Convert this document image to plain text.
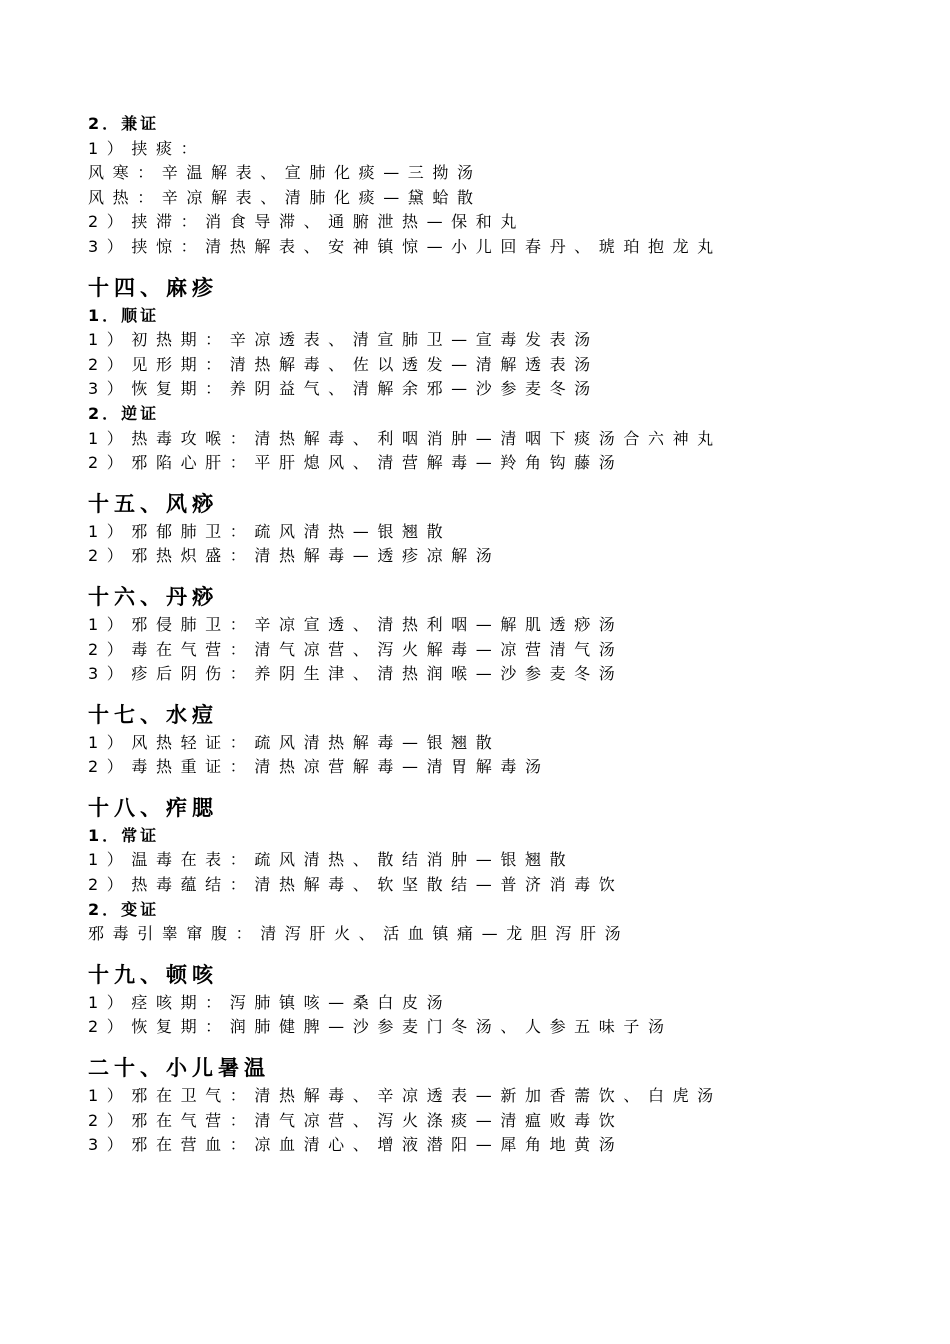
2．兼证
1）挟痰：
风寒：辛温解表、宣肺化痰—三拗汤
风热：辛凉解表、清肺化痰—黛蛤散
2）挟滞：消食导滞、通腑泄热—保和丸
3）挟惊：清热解表、安神镇惊—小儿回春丹、琥珀抱龙丸
十四、麻疹
1．顺证
1）初热期：辛凉透表、清宣肺卫—宣毒发表汤
2）见形期：清热解毒、佐以透发—清解透表汤
3）恢复期：养阴益气、清解余邪—沙参麦冬汤
2．逆证
1）热毒攻喉：清热解毒、利咽消肿—清咽下痰汤合六神丸
2）邪陷心肝：平肝熄风、清营解毒—羚角钩藤汤
十五、风痧
1）邪郁肺卫：疏风清热—银翘散
2）邪热炽盛：清热解毒—透疹凉解汤
十六、丹痧
1）邪侵肺卫：辛凉宣透、清热利咽—解肌透痧汤
2）毒在气营：清气凉营、泻火解毒—凉营清气汤
3）疹后阴伤：养阴生津、清热润喉—沙参麦冬汤
十七、水痘
1）风热轻证：疏风清热解毒—银翘散
2）毒热重证：清热凉营解毒—清胃解毒汤
十八、痄腮
1．常证
1）温毒在表：疏风清热、散结消肿—银翘散
2）热毒蕴结：清热解毒、软坚散结—普济消毒饮
2．变证
邪毒引睾窜腹：清泻肝火、活血镇痛—龙胆泻肝汤
十九、顿咳
1）痉咳期：泻肺镇咳—桑白皮汤
2）恢复期：润肺健脾—沙参麦门冬汤、人参五味子汤
二十、小儿暑温
1）邪在卫气：清热解毒、辛凉透表—新加香薷饮、白虎汤
2）邪在气营：清气凉营、泻火涤痰—清瘟败毒饮
3）邪在营血：凉血清心、增液潜阳—犀角地黄汤
